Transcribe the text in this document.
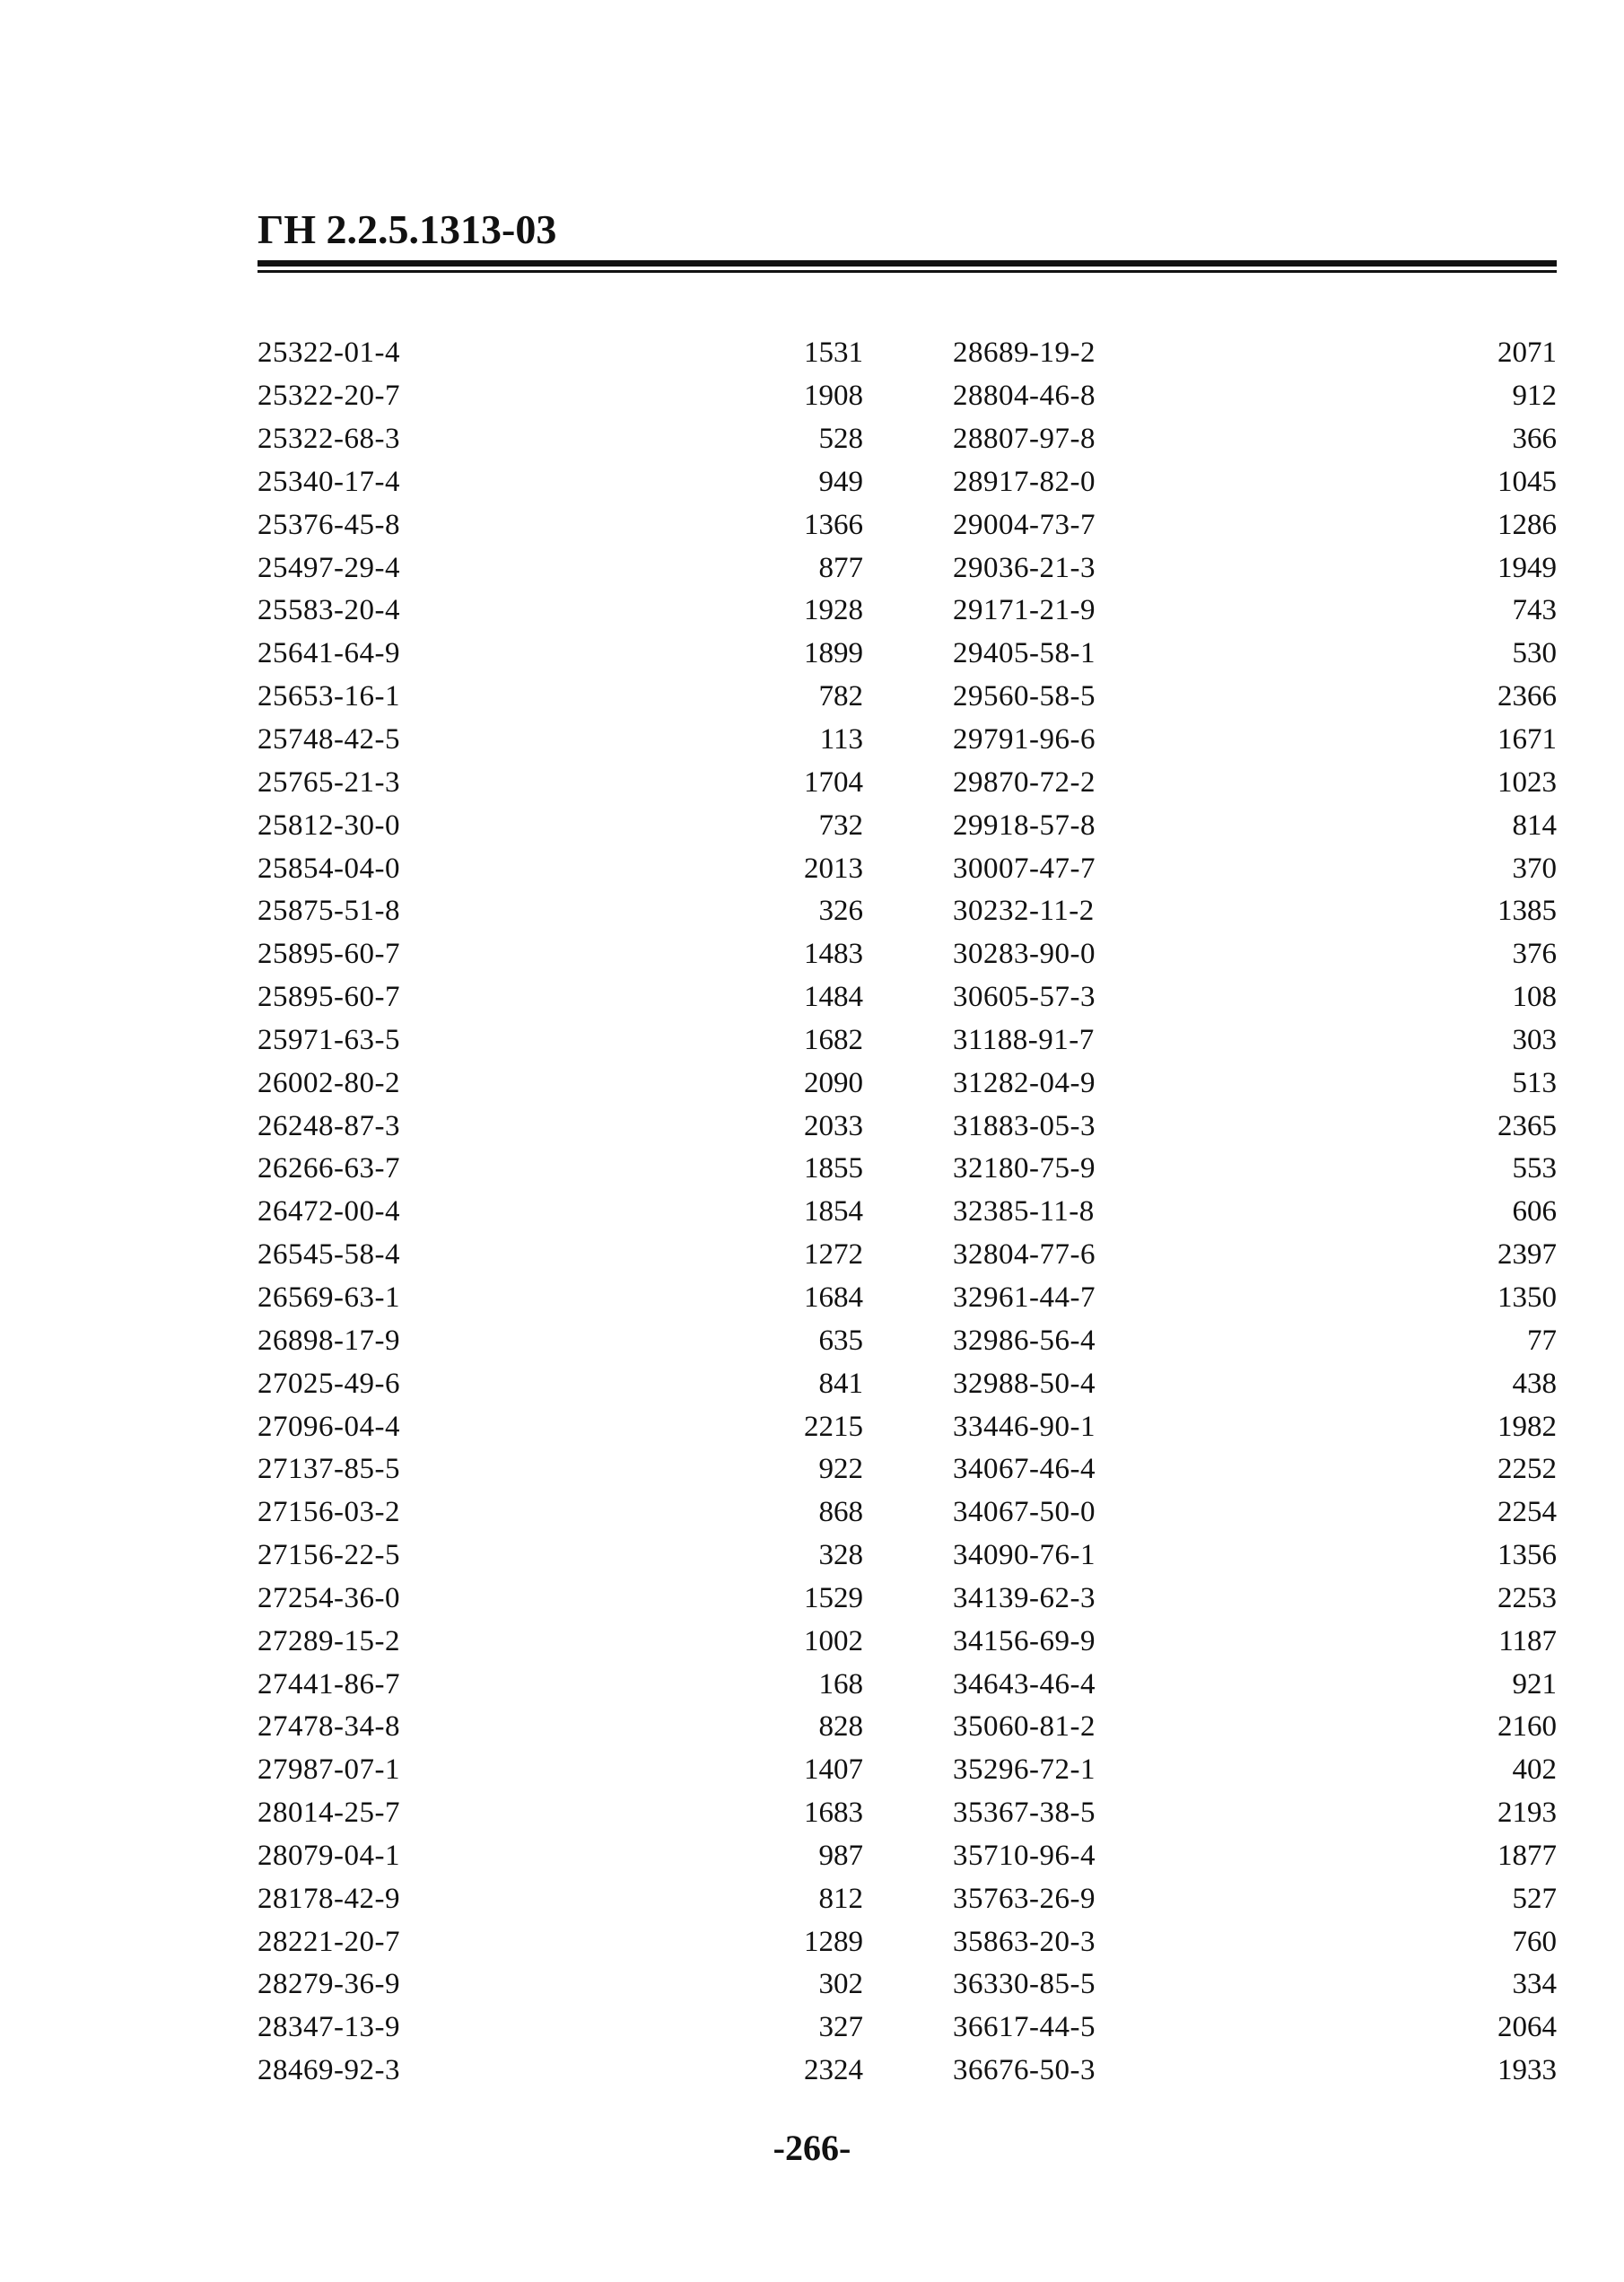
ГН 2.2.5.1313-03
25322-01-4	1531
25322-20-7	1908
25322-68-3	528
25340-17-4	949
25376-45-8	1366
25497-29-4	877
25583-20-4	1928
25641-64-9	1899
25653-16-1	782
25748-42-5	113
25765-21-3	1704
25812-30-0	732
25854-04-0	2013
25875-51-8	326
25895-60-7	1483
25895-60-7	1484
25971-63-5	1682
26002-80-2	2090
26248-87-3	2033
26266-63-7	1855
26472-00-4	1854
26545-58-4	1272
26569-63-1	1684
26898-17-9	635
27025-49-6	841
27096-04-4	2215
27137-85-5	922
27156-03-2	868
27156-22-5	328
27254-36-0	1529
27289-15-2	1002
27441-86-7	168
27478-34-8	828
27987-07-1	1407
28014-25-7	1683
28079-04-1	987
28178-42-9	812
28221-20-7	1289
28279-36-9	302
28347-13-9	327
28469-92-3	2324
28689-19-2	2071
28804-46-8	912
28807-97-8	366
28917-82-0	1045
29004-73-7	1286
29036-21-3	1949
29171-21-9	743
29405-58-1	530
29560-58-5	2366
29791-96-6	1671
29870-72-2	1023
29918-57-8	814
30007-47-7	370
30232-11-2	1385
30283-90-0	376
30605-57-3	108
31188-91-7	303
31282-04-9	513
31883-05-3	2365
32180-75-9	553
32385-11-8	606
32804-77-6	2397
32961-44-7	1350
32986-56-4	77
32988-50-4	438
33446-90-1	1982
34067-46-4	2252
34067-50-0	2254
34090-76-1	1356
34139-62-3	2253
34156-69-9	1187
34643-46-4	921
35060-81-2	2160
35296-72-1	402
35367-38-5	2193
35710-96-4	1877
35763-26-9	527
35863-20-3	760
36330-85-5	334
36617-44-5	2064
36676-50-3	1933
-266-
